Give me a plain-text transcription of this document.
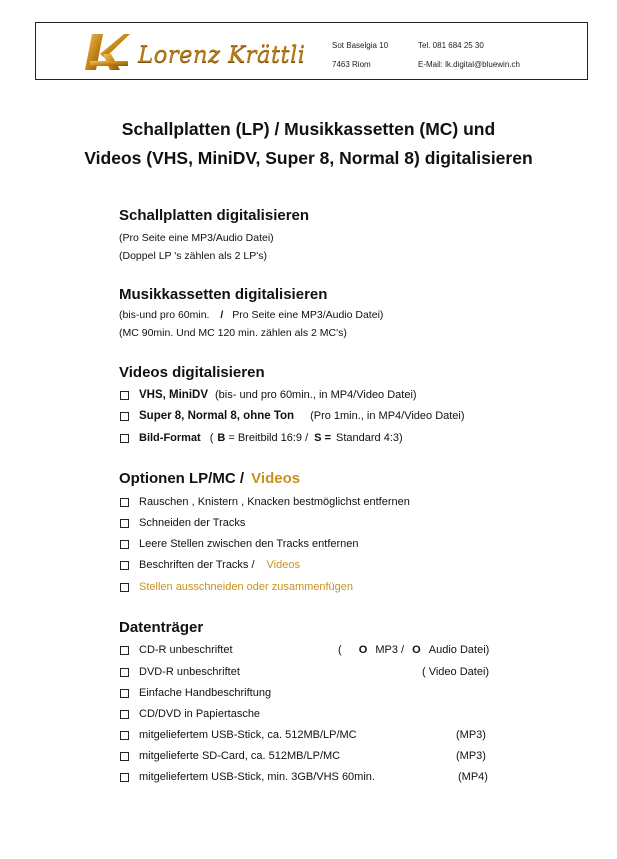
Lorenz Krättli	Sot Baselgia 10
7463 Riom
Tel. 081 684 25 30
E-Mail: lk.digital@bluewin.ch
Schallplatten (LP) / Musikkassetten (MC) und
Videos (VHS, MiniDV, Super 8, Normal 8) digitalisieren
Schallplatten digitalisieren
(Pro Seite eine MP3/Audio Datei)
(Doppel LP 's zählen als 2 LP's)
Musikkassetten digitalisieren
(bis-und pro 60min. / Pro Seite eine MP3/Audio Datei)
(MC 90min. Und MC 120 min. zählen als 2 MC's)
Videos digitalisieren
VHS, MiniDV (bis- und pro 60min., in MP4/Video Datei)
Super 8, Normal 8, ohne Ton (Pro 1min., in MP4/Video Datei)
Bild-Format ( B = Breitbild 16:9 / S = Standard 4:3)
Optionen LP/MC / Videos
Rauschen , Knistern , Knacken bestmöglichst entfernen
Schneiden der Tracks
Leere Stellen zwischen den Tracks entfernen
Beschriften der Tracks / Videos
Stellen ausschneiden oder zusammenfügen
Datenträger
CD-R unbeschriftet	( O MP3 / O Audio Datei)
DVD-R unbeschriftet	( Video Datei)
Einfache Handbeschriftung
CD/DVD in Papiertasche
mitgeliefertem USB-Stick, ca. 512MB/LP/MC	(MP3)
mitgelieferte SD-Card, ca. 512MB/LP/MC	(MP3)
mitgeliefertem USB-Stick, min. 3GB/VHS 60min.	(MP4)
